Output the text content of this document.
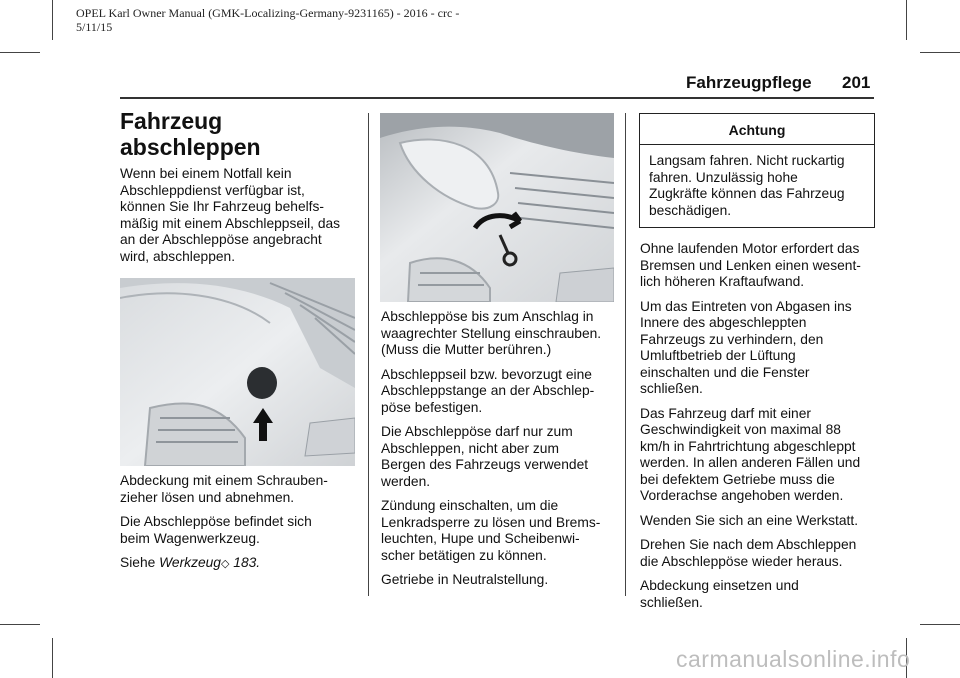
OPEL Karl Owner Manual (GMK-Localizing-Germany-9231165) - 2016 - crc -
5/11/15
Fahrzeugpflege 201
Fahrzeug
abschleppen

Wenn bei einem Notfall kein
Abschleppdienst verfügbar ist,
können Sie Ihr Fahrzeug behelfs-
mäßig mit einem Abschleppseil, das
an der Abschleppöse angebracht
wird, abschleppen.

Abdeckung mit einem Schrauben-
zieher lösen und abnehmen.

Die Abschleppöse befindet sich
beim Wagenwerkzeug.

Siehe Werkzeug◇ 183.

Abschleppöse bis zum Anschlag in
waagrechter Stellung einschrauben.
(Muss die Mutter berühren.)

Abschleppseil bzw. bevorzugt eine
Abschleppstange an der Abschlep-
pöse befestigen.

Die Abschleppöse darf nur zum
Abschleppen, nicht aber zum
Bergen des Fahrzeugs verwendet
werden.

Zündung einschalten, um die
Lenkradsperre zu lösen und Brems-
leuchten, Hupe und Scheibenwi-
scher betätigen zu können.

Getriebe in Neutralstellung.

Achtung

Langsam fahren. Nicht ruckartig
fahren. Unzulässig hohe
Zugkräfte können das Fahrzeug
beschädigen.

Ohne laufenden Motor erfordert das
Bremsen und Lenken einen wesent-
lich höheren Kraftaufwand.

Um das Eintreten von Abgasen ins
Innere des abgeschleppten
Fahrzeugs zu verhindern, den
Umluftbetrieb der Lüftung
einschalten und die Fenster
schließen.

Das Fahrzeug darf mit einer
Geschwindigkeit von maximal 88
km/h in Fahrtrichtung abgeschleppt
werden. In allen anderen Fällen und
bei defektem Getriebe muss die
Vorderachse angehoben werden.

Wenden Sie sich an eine Werkstatt.

Drehen Sie nach dem Abschleppen
die Abschleppöse wieder heraus.

Abdeckung einsetzen und
schließen.

carmanualsonline.info
